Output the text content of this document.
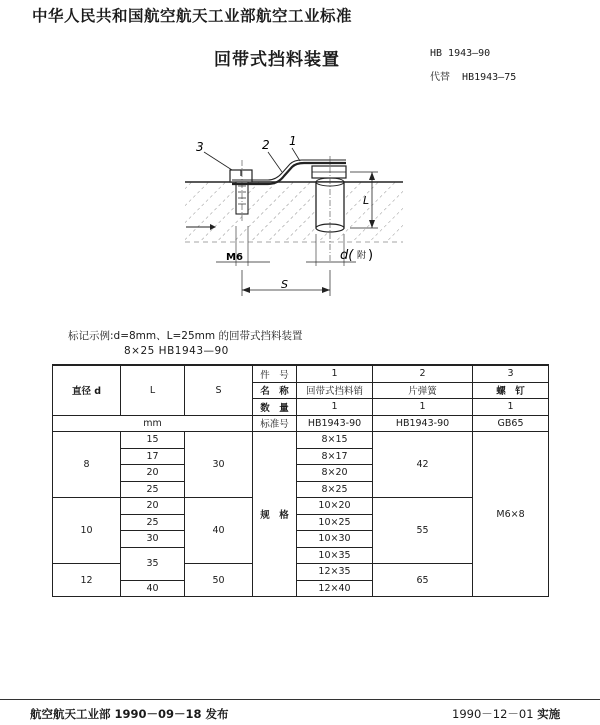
中华人民共和国航空航天工业部航空工业标准
回带式挡料装置	HB 1943—90
代替 HB1943—75
3	2 1
L
M6	d( 附 )
S
标记示例:d=8mm、L=25mm 的回带式挡料装置
8×25 HB1943—90
直径 d	L	S	件　号	1	2	3
			名　称	回带式挡料销	片弹簧	螺　钉
			数　量	1	1	1
mm			标准号	HB1943-90	HB1943-90	GB65
8	15	30	规　格	8×15	42	M6×8
	17			8×17		
	20			8×20		
	25			8×25		
10	20	40		10×20	55	
	25			10×25		
	30			10×30		
	35			10×35		
12		50		12×35	65	
	40			12×40		
航空航天工业部 1990－09－18 发布	1990－12－01 实施
